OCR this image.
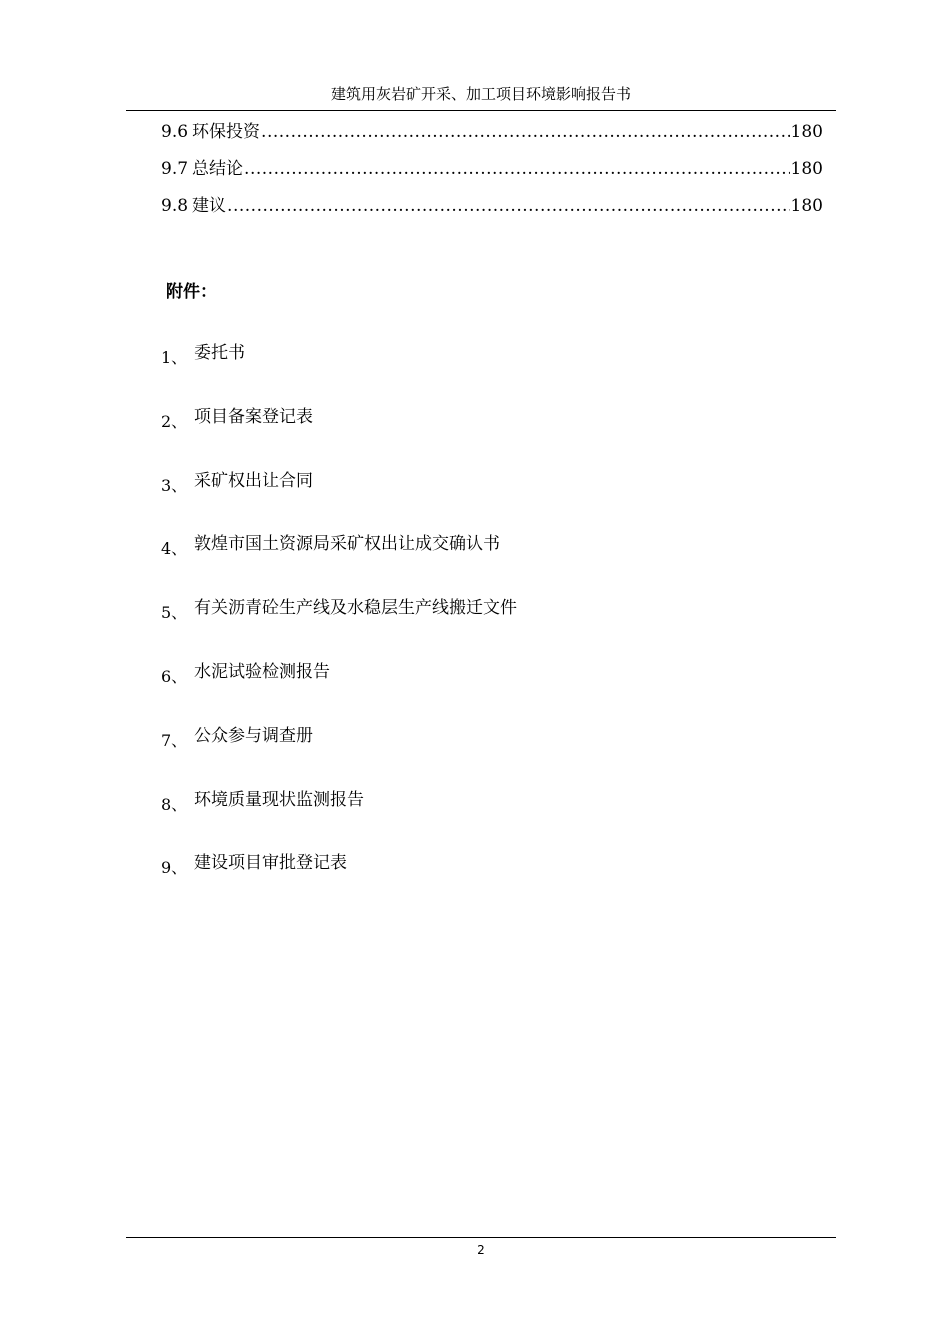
建筑用灰岩矿开采、加工项目环境影响报告书
9.6 环保投资 .....	180
9.7 总结论 .....	180
9.8 建议 .....	180
附件：
1、 委托书
2、 项目备案登记表
3、 采矿权出让合同
4、 敦煌市国土资源局采矿权出让成交确认书
5、 有关沥青砼生产线及水稳层生产线搬迁文件
6、 水泥试验检测报告
7、 公众参与调查册
8、 环境质量现状监测报告
9、 建设项目审批登记表
2
